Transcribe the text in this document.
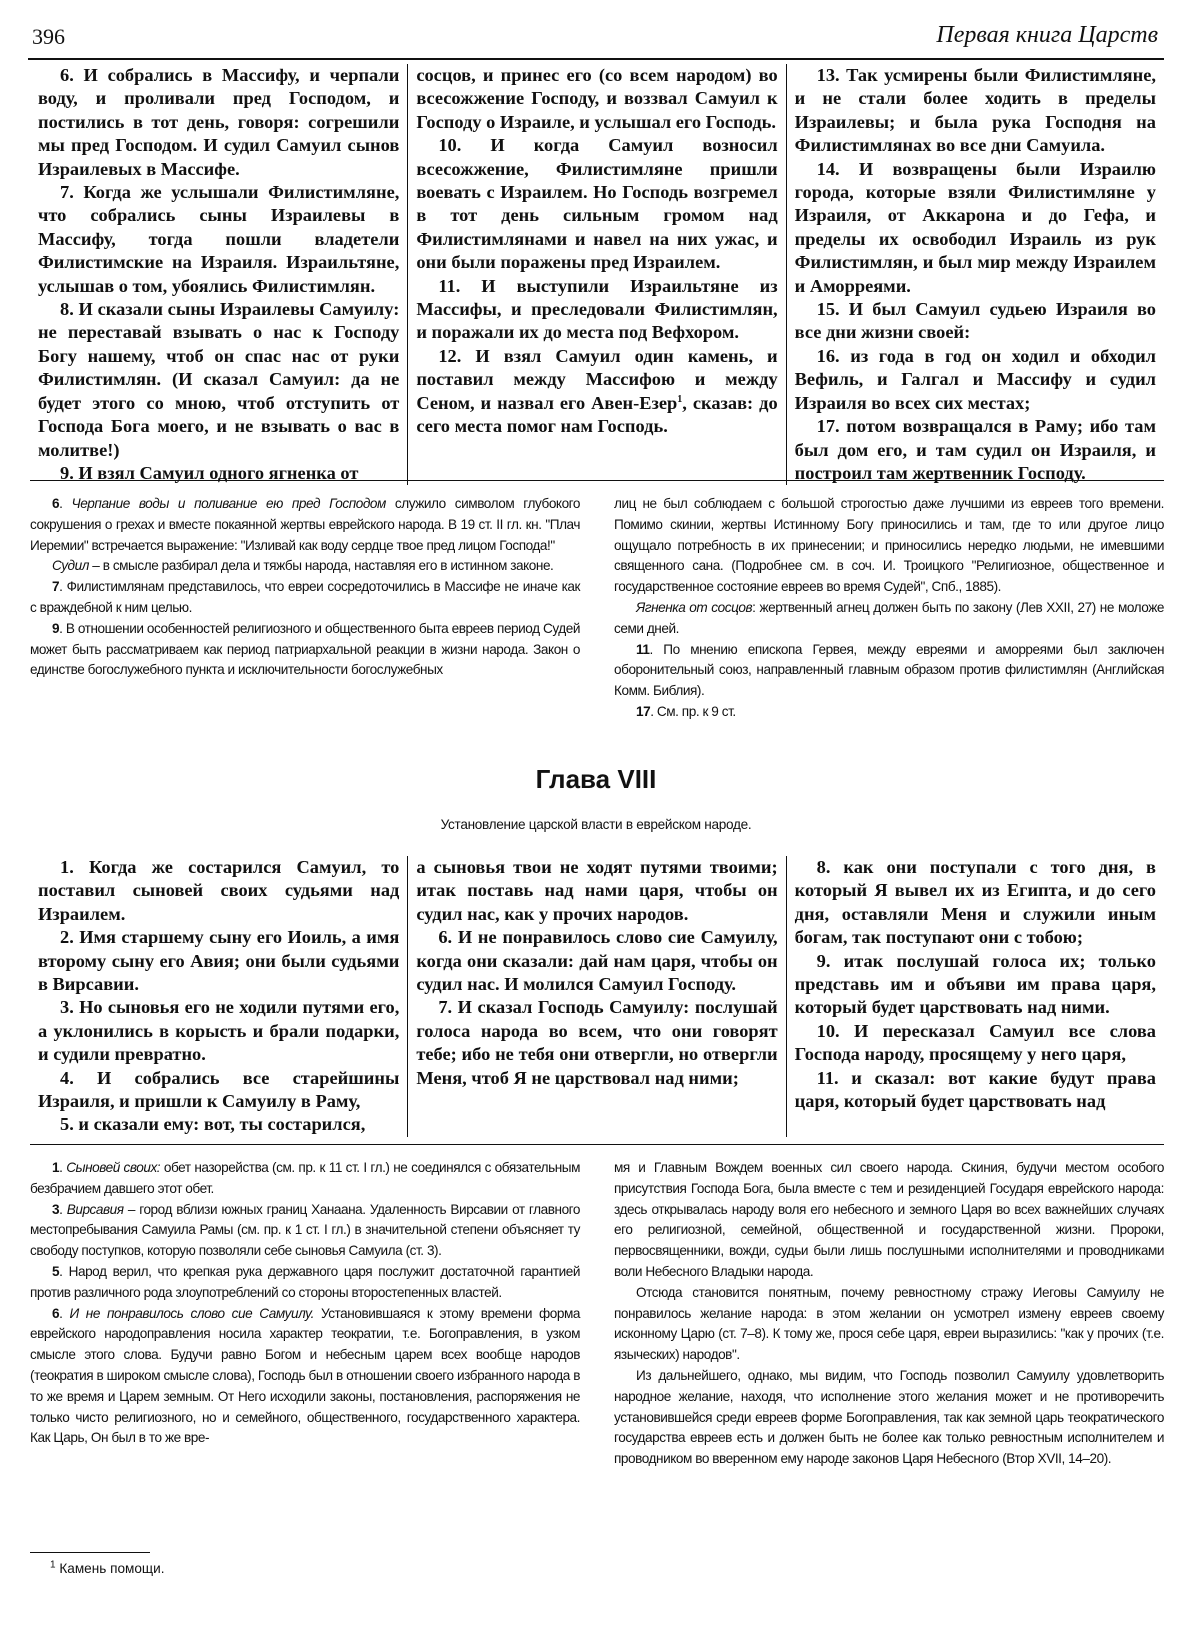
396	Первая книга Царств

6. И собрались в Массифу, и черпали воду, и проливали пред Господом, и постились в тот день, говоря: согрешили мы пред Господом. И судил Самуил сынов Израилевых в Массифе.

7. Когда же услышали Филистимляне, что собрались сыны Израилевы в Массифу, тогда пошли владетели Филистимские на Израиля. Израильтяне, услышав о том, убоялись Филистимлян.

8. И сказали сыны Израилевы Самуилу: не переставай взывать о нас к Господу Богу нашему, чтоб он спас нас от руки Филистимлян. (И сказал Самуил: да не будет этого со мною, чтоб отступить от Господа Бога моего, и не взывать о вас в молитве!)

9. И взял Самуил одного ягненка от

сосцов, и принес его (со всем народом) во всесожжение Господу, и воззвал Самуил к Господу о Израиле, и услышал его Господь.

10. И когда Самуил возносил всесожжение, Филистимляне пришли воевать с Израилем. Но Господь возгремел в тот день сильным громом над Филистимлянами и навел на них ужас, и они были поражены пред Израилем.

11. И выступили Израильтяне из Массифы, и преследовали Филистимлян, и поражали их до места под Вефхором.

12. И взял Самуил один камень, и поставил между Массифою и между Сеном, и назвал его Авен-Езер$^1$, сказав: до сего места помог нам Господь.

13. Так усмирены были Филистимляне, и не стали более ходить в пределы Израилевы; и была рука Господня на Филистимлянах во все дни Самуила.

14. И возвращены были Израилю города, которые взяли Филистимляне у Израиля, от Аккарона и до Гефа, и пределы их освободил Израиль из рук Филистимлян, и был мир между Израилем и Аморреями.

15. И был Самуил судьею Израиля во все дни жизни своей:

16. из года в год он ходил и обходил Вефиль, и Галгал и Массифу и судил Израиля во всех сих местах;

17. потом возвращался в Раму; ибо там был дом его, и там судил он Израиля, и построил там жертвенник Господу.

6. Черпание воды и поливание ею пред Господом служило символом глубокого сокрушения о грехах и вместе покаянной жертвы еврейского народа. В 19 ст. II гл. кн. "Плач Иеремии" встречается выражение: "Изливай как воду сердце твое пред лицом Господа!"

Судил – в смысле разбирал дела и тяжбы народа, наставляя его в истинном законе.

7. Филистимлянам представилось, что евреи сосредоточились в Массифе не иначе как с враждебной к ним целью.

9. В отношении особенностей религиозного и общественного быта евреев период Судей может быть рассматриваем как период патриархальной реакции в жизни народа. Закон о единстве богослужебного пункта и исключительности богослужебных

лиц не был соблюдаем с большой строгостью даже лучшими из евреев того времени. Помимо скинии, жертвы Истинному Богу приносились и там, где то или другое лицо ощущало потребность в их принесении; и приносились нередко людьми, не имевшими священного сана. (Подробнее см. в соч. И. Троицкого "Религиозное, общественное и государственное состояние евреев во время Судей", Спб., 1885).

Ягненка от сосцов: жертвенный агнец должен быть по закону (Лев XXII, 27) не моложе семи дней.

11. По мнению епископа Гервея, между евреями и аморреями был заключен оборонительный союз, направленный главным образом против филистимлян (Английская Комм. Библия).

17. См. пр. к 9 ст.

Глава VIII
Установление царской власти в еврейском народе.

1. Когда же состарился Самуил, то поставил сыновей своих судьями над Израилем.

2. Имя старшему сыну его Иоиль, а имя второму сыну его Авия; они были судьями в Вирсавии.

3. Но сыновья его не ходили путями его, а уклонились в корысть и брали подарки, и судили превратно.

4. И собрались все старейшины Израиля, и пришли к Самуилу в Раму,

5. и сказали ему: вот, ты состарился,

а сыновья твои не ходят путями твоими; итак поставь над нами царя, чтобы он судил нас, как у прочих народов.

6. И не понравилось слово сие Самуилу, когда они сказали: дай нам царя, чтобы он судил нас. И молился Самуил Господу.

7. И сказал Господь Самуилу: послушай голоса народа во всем, что они говорят тебе; ибо не тебя они отвергли, но отвергли Меня, чтоб Я не царствовал над ними;

8. как они поступали с того дня, в который Я вывел их из Египта, и до сего дня, оставляли Меня и служили иным богам, так поступают они с тобою;

9. итак послушай голоса их; только представь им и объяви им права царя, который будет царствовать над ними.

10. И пересказал Самуил все слова Господа народу, просящему у него царя,

11. и сказал: вот какие будут права царя, который будет царствовать над

1. Сыновей своих: обет назорейства (см. пр. к 11 ст. I гл.) не соединялся с обязательным безбрачием давшего этот обет.

3. Вирсавия – город вблизи южных границ Ханаана. Удаленность Вирсавии от главного местопребывания Самуила Рамы (см. пр. к 1 ст. I гл.) в значительной степени объясняет ту свободу поступков, которую позволяли себе сыновья Самуила (ст. 3).

5. Народ верил, что крепкая рука державного царя послужит достаточной гарантией против различного рода злоупотреблений со стороны второстепенных властей.

6. И не понравилось слово сие Самуилу. Установившаяся к этому времени форма еврейского народоправления носила характер теократии, т.е. Богоправления, в узком смысле этого слова. Будучи равно Богом и небесным царем всех вообще народов (теократия в широком смысле слова), Господь был в отношении своего избранного народа в то же время и Царем земным. От Него исходили законы, постановления, распоряжения не только чисто религиозного, но и семейного, общественного, государственного характера. Как Царь, Он был в то же вре-

мя и Главным Вождем военных сил своего народа. Скиния, будучи местом особого присутствия Господа Бога, была вместе с тем и резиденцией Государя еврейского народа: здесь открывалась народу воля его небесного и земного Царя во всех важнейших случаях его религиозной, семейной, общественной и государственной жизни. Пророки, первосвященники, вожди, судьи были лишь послушными исполнителями и проводниками воли Небесного Владыки народа.

Отсюда становится понятным, почему ревностному стражу Иеговы Самуилу не понравилось желание народа: в этом желании он усмотрел измену евреев своему исконному Царю (ст. 7–8). К тому же, прося себе царя, евреи выразились: "как у прочих (т.е. языческих) народов".

Из дальнейшего, однако, мы видим, что Господь позволил Самуилу удовлетворить народное желание, находя, что исполнение этого желания может и не противоречить установившейся среди евреев форме Богоправления, так как земной царь теократического государства евреев есть и должен быть не более как только ревностным исполнителем и проводником во вверенном ему народе законов Царя Небесного (Втор XVII, 14–20).

$^1$ Камень помощи.
